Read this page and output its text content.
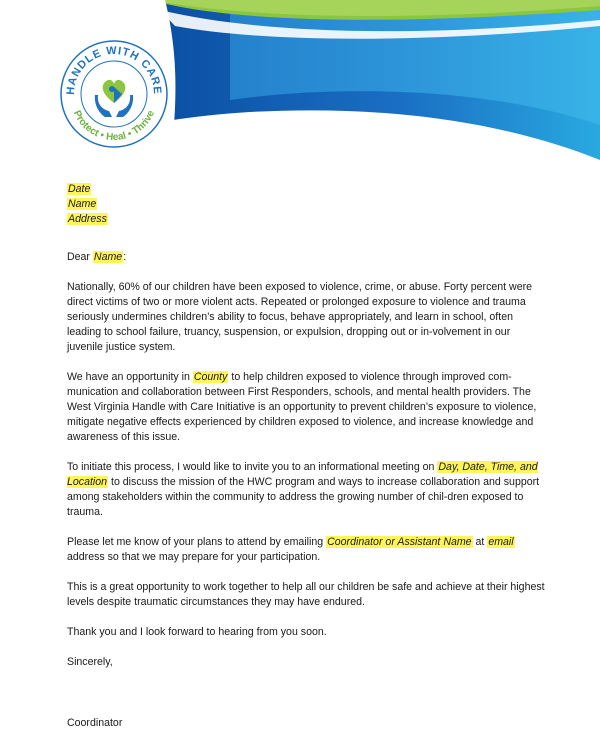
HANDLE WITH CARE
Protect • Heal • Thrive

Date

Name

Address

Dear Name:

Nationally, 60% of our children have been exposed to violence, crime, or abuse. Forty percent were direct victims of two or more violent acts. Repeated or prolonged exposure to violence and trauma seriously undermines children’s ability to focus, behave appropriately, and learn in school, often leading to school failure, truancy, suspension, or expulsion, dropping out or in-volvement in our juvenile justice system.

We have an opportunity in County to help children exposed to violence through improved com-munication and collaboration between First Responders, schools, and mental health providers. The West Virginia Handle with Care Initiative is an opportunity to prevent children’s exposure to violence, mitigate negative effects experienced by children exposed to violence, and increase knowledge and awareness of this issue.

To initiate this process, I would like to invite you to an informational meeting on Day, Date, Time, and Location to discuss the mission of the HWC program and ways to increase collaboration and support among stakeholders within the community to address the growing number of chil-dren exposed to trauma.

Please let me know of your plans to attend by emailing Coordinator or Assistant Name at email address so that we may prepare for your participation.

This is a great opportunity to work together to help all our children be safe and achieve at their highest levels despite traumatic circumstances they may have endured.

Thank you and I look forward to hearing from you soon.

Sincerely,

Coordinator
